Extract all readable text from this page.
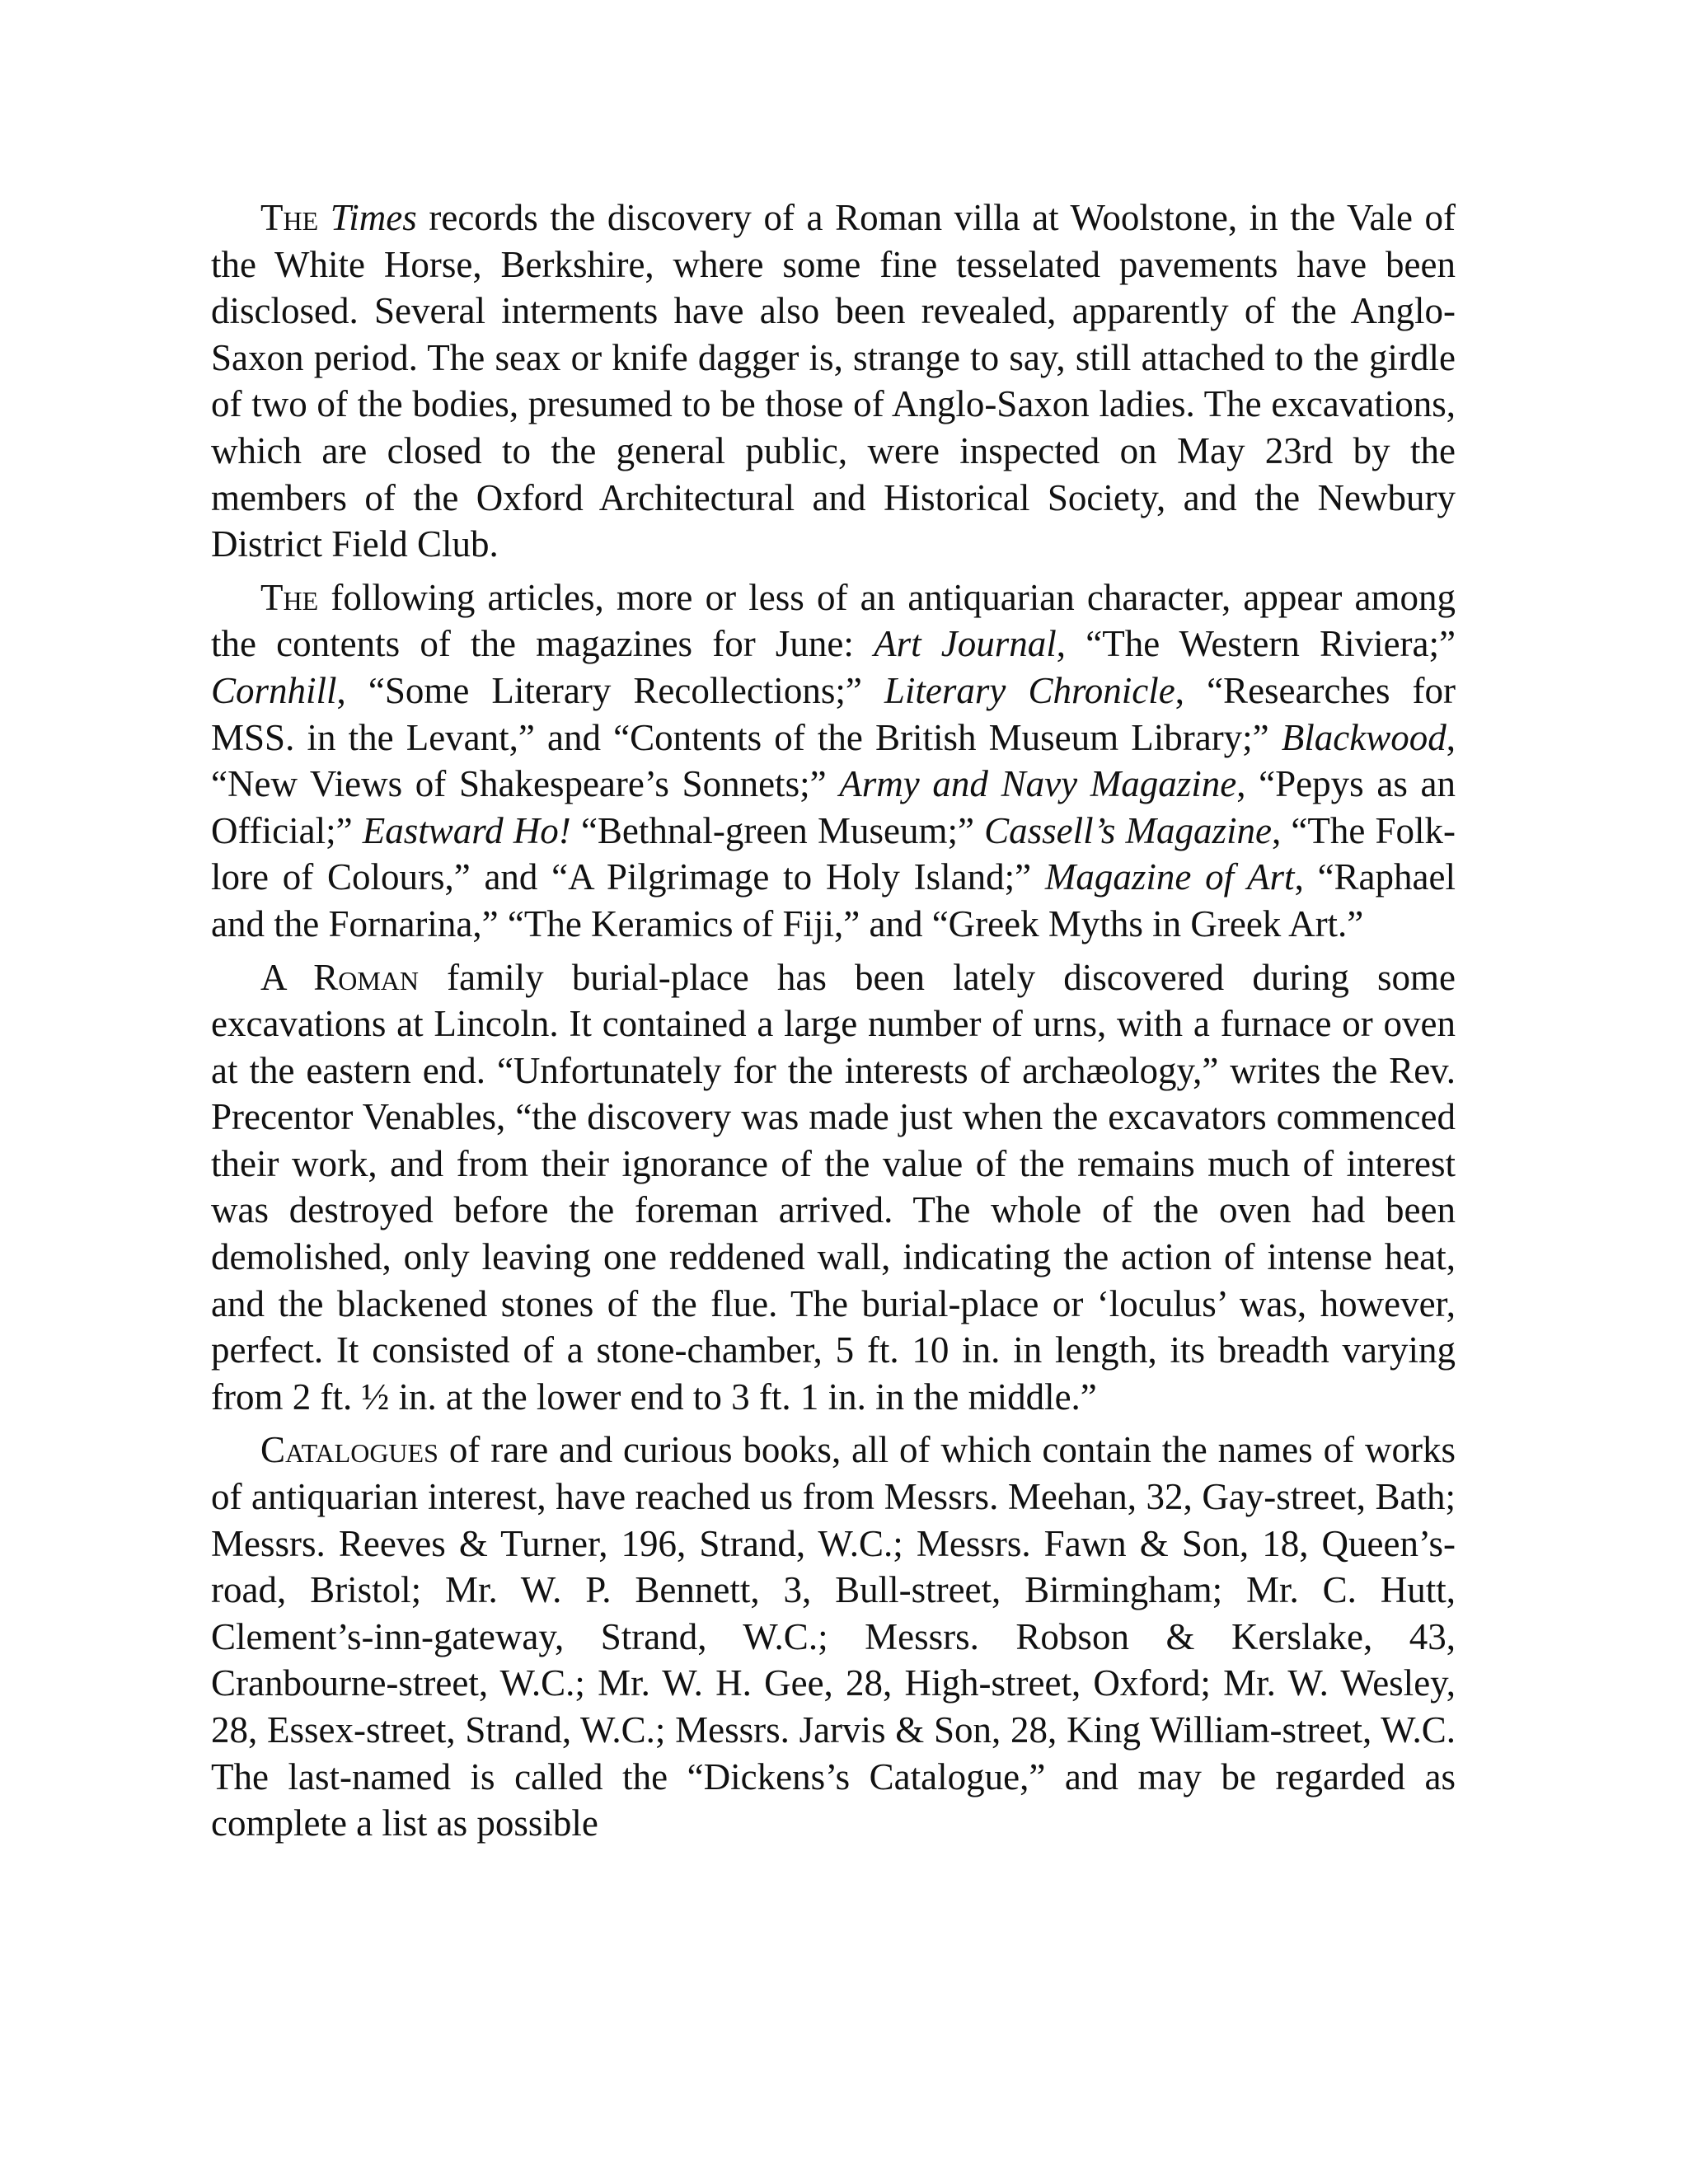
The Times records the discovery of a Roman villa at Woolstone, in the Vale of the White Horse, Berkshire, where some fine tesselated pavements have been disclosed. Several interments have also been revealed, apparently of the Anglo-Saxon period. The seax or knife dagger is, strange to say, still attached to the girdle of two of the bodies, presumed to be those of Anglo-Saxon ladies. The excavations, which are closed to the general public, were inspected on May 23rd by the members of the Oxford Architectural and Historical Society, and the Newbury District Field Club.

The following articles, more or less of an antiquarian character, appear among the contents of the magazines for June: Art Journal, “The Western Riviera;” Cornhill, “Some Literary Recollections;” Literary Chronicle, “Researches for MSS. in the Levant,” and “Contents of the British Museum Library;” Blackwood, “New Views of Shakespeare’s Sonnets;” Army and Navy Magazine, “Pepys as an Official;” Eastward Ho! “Bethnal-green Museum;” Cassell’s Magazine, “The Folk-lore of Colours,” and “A Pilgrimage to Holy Island;” Magazine of Art, “Raphael and the Fornarina,” “The Keramics of Fiji,” and “Greek Myths in Greek Art.”

A Roman family burial-place has been lately discovered during some excavations at Lincoln. It contained a large number of urns, with a furnace or oven at the eastern end. “Unfortunately for the interests of archæology,” writes the Rev. Precentor Venables, “the discovery was made just when the excavators commenced their work, and from their ignorance of the value of the remains much of interest was destroyed before the foreman arrived. The whole of the oven had been demolished, only leaving one reddened wall, indicating the action of intense heat, and the blackened stones of the flue. The burial-place or ‘loculus’ was, however, perfect. It consisted of a stone-chamber, 5 ft. 10 in. in length, its breadth varying from 2 ft. ½ in. at the lower end to 3 ft. 1 in. in the middle.”

Catalogues of rare and curious books, all of which contain the names of works of antiquarian interest, have reached us from Messrs. Meehan, 32, Gay-street, Bath; Messrs. Reeves & Turner, 196, Strand, W.C.; Messrs. Fawn & Son, 18, Queen’s-road, Bristol; Mr. W. P. Bennett, 3, Bull-street, Birmingham; Mr. C. Hutt, Clement’s-inn-gateway, Strand, W.C.; Messrs. Robson & Kerslake, 43, Cranbourne-street, W.C.; Mr. W. H. Gee, 28, High-street, Oxford; Mr. W. Wesley, 28, Essex-street, Strand, W.C.; Messrs. Jarvis & Son, 28, King William-street, W.C. The last-named is called the “Dickens’s Catalogue,” and may be regarded as complete a list as possible
